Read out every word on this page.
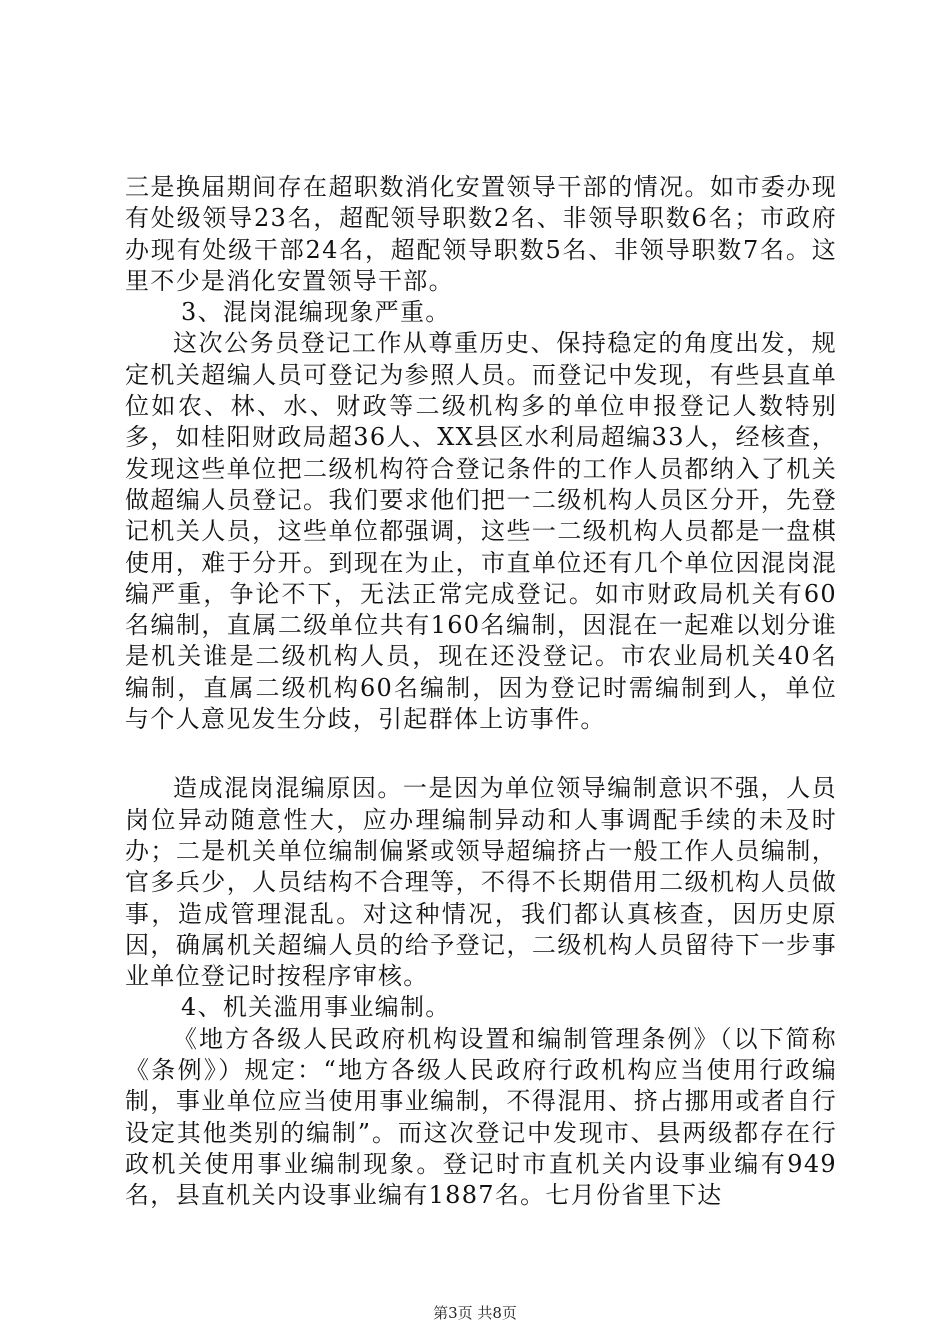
三是换届期间存在超职数消化安置领导干部的情况。如市委办现有处级领导23名，超配领导职数2名、非领导职数6名；市政府办现有处级干部24名，超配领导职数5名、非领导职数7名。这里不少是消化安置领导干部。

3、混岗混编现象严重。

这次公务员登记工作从尊重历史、保持稳定的角度出发，规定机关超编人员可登记为参照人员。而登记中发现，有些县直单位如农、林、水、财政等二级机构多的单位申报登记人数特别多，如桂阳财政局超36人、XX县区水利局超编33人，经核查，发现这些单位把二级机构符合登记条件的工作人员都纳入了机关做超编人员登记。我们要求他们把一二级机构人员区分开，先登记机关人员，这些单位都强调，这些一二级机构人员都是一盘棋使用，难于分开。到现在为止，市直单位还有几个单位因混岗混编严重，争论不下，无法正常完成登记。如市财政局机关有60名编制，直属二级单位共有160名编制，因混在一起难以划分谁是机关谁是二级机构人员，现在还没登记。市农业局机关40名编制，直属二级机构60名编制，因为登记时需编制到人，单位与个人意见发生分歧，引起群体上访事件。

造成混岗混编原因。一是因为单位领导编制意识不强，人员岗位异动随意性大，应办理编制异动和人事调配手续的未及时办；二是机关单位编制偏紧或领导超编挤占一般工作人员编制，官多兵少，人员结构不合理等，不得不长期借用二级机构人员做事，造成管理混乱。对这种情况，我们都认真核查，因历史原因，确属机关超编人员的给予登记，二级机构人员留待下一步事业单位登记时按程序审核。

4、机关滥用事业编制。

《地方各级人民政府机构设置和编制管理条例》（以下简称《条例》）规定：“地方各级人民政府行政机构应当使用行政编制，事业单位应当使用事业编制，不得混用、挤占挪用或者自行设定其他类别的编制”。而这次登记中发现市、县两级都存在行政机关使用事业编制现象。登记时市直机关内设事业编有949名，县直机关内设事业编有1887名。七月份省里下达

第3页 共8页
